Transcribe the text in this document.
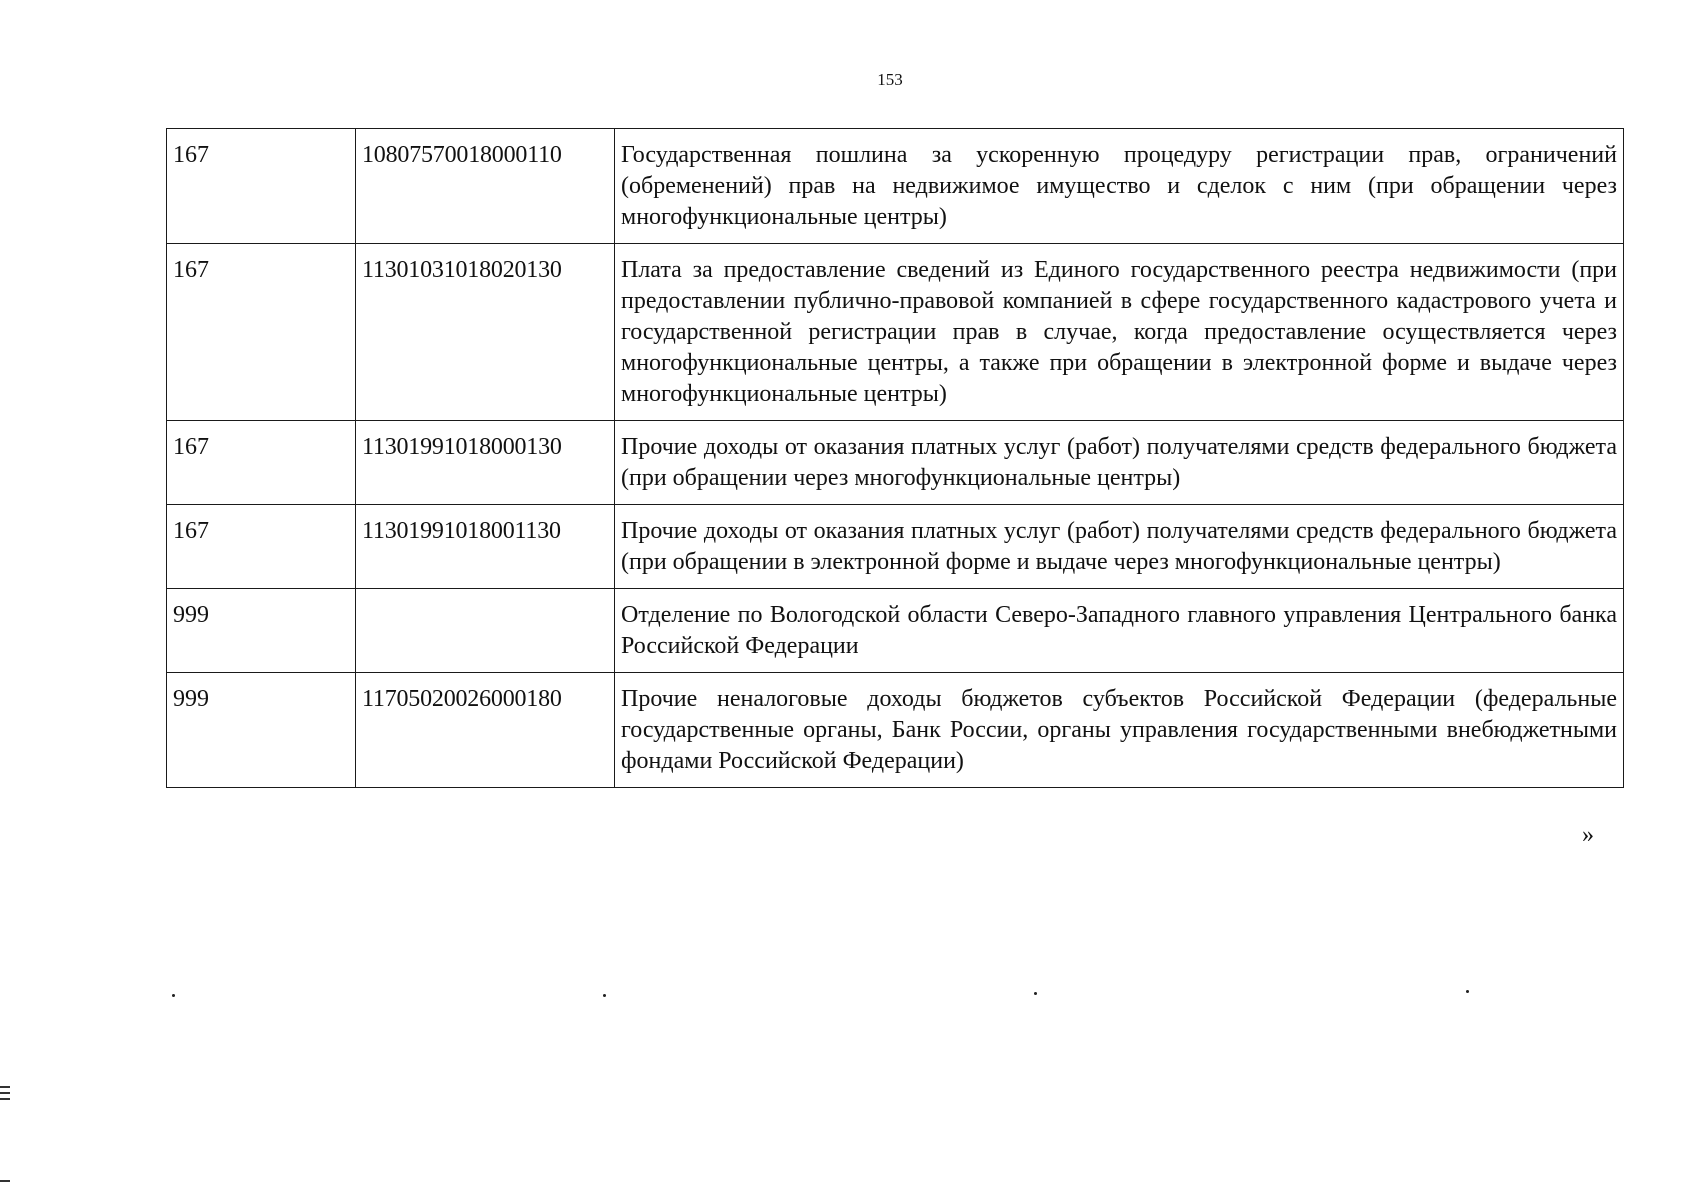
153
167	10807570018000110	Государственная пошлина за ускоренную процедуру регистрации прав, ограничений (обременений) прав на недвижимое имущество и сделок с ним (при обращении через многофункциональные центры)
167	11301031018020130	Плата за предоставление сведений из Единого государственного реестра недвижимости (при предоставлении публично-правовой компанией в сфере государственного кадастрового учета и государственной регистрации прав в случае, когда предоставление осуществляется через многофункциональные центры, а также при обращении в электронной форме и выдаче через многофункциональные центры)
167	11301991018000130	Прочие доходы от оказания платных услуг (работ) получателями средств федерального бюджета (при обращении через многофункциональные центры)
167	11301991018001130	Прочие доходы от оказания платных услуг (работ) получателями средств федерального бюджета (при обращении в электронной форме и выдаче через многофункциональные центры)
999		Отделение по Вологодской области Северо-Западного главного управления Центрального банка Российской Федерации
999	11705020026000180	Прочие неналоговые доходы бюджетов субъектов Российской Федерации (федеральные государственные органы, Банк России, органы управления государственными внебюджетными фондами Российской Федерации)
»
